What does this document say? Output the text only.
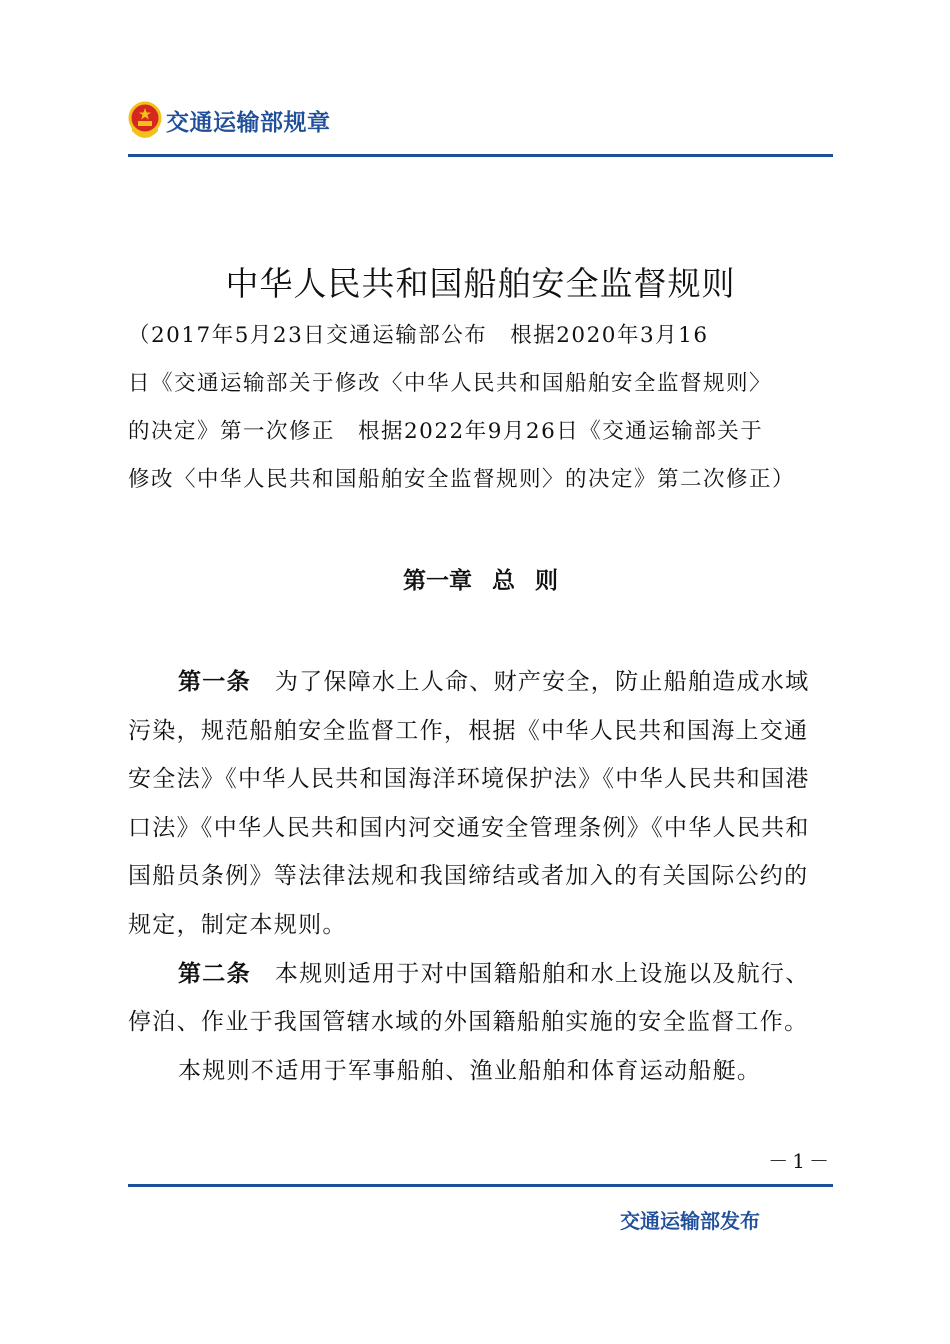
交通运输部规章
中华人民共和国船舶安全监督规则
（2017年5月23日交通运输部公布　根据2020年3月16
日《交通运输部关于修改〈中华人民共和国船舶安全监督规则〉
的决定》第一次修正　根据2022年9月26日《交通运输部关于
修改〈中华人民共和国船舶安全监督规则〉的决定》第二次修正）
第一章 总 则
第一条 为了保障水上人命、财产安全，防止船舶造成水域
污染，规范船舶安全监督工作，根据《中华人民共和国海上交通
安全法》《中华人民共和国海洋环境保护法》《中华人民共和国港
口法》《中华人民共和国内河交通安全管理条例》《中华人民共和
国船员条例》等法律法规和我国缔结或者加入的有关国际公约的
规定，制定本规则。
第二条 本规则适用于对中国籍船舶和水上设施以及航行、
停泊、作业于我国管辖水域的外国籍船舶实施的安全监督工作。
本规则不适用于军事船舶、渔业船舶和体育运动船艇。
－1－
交通运输部发布
